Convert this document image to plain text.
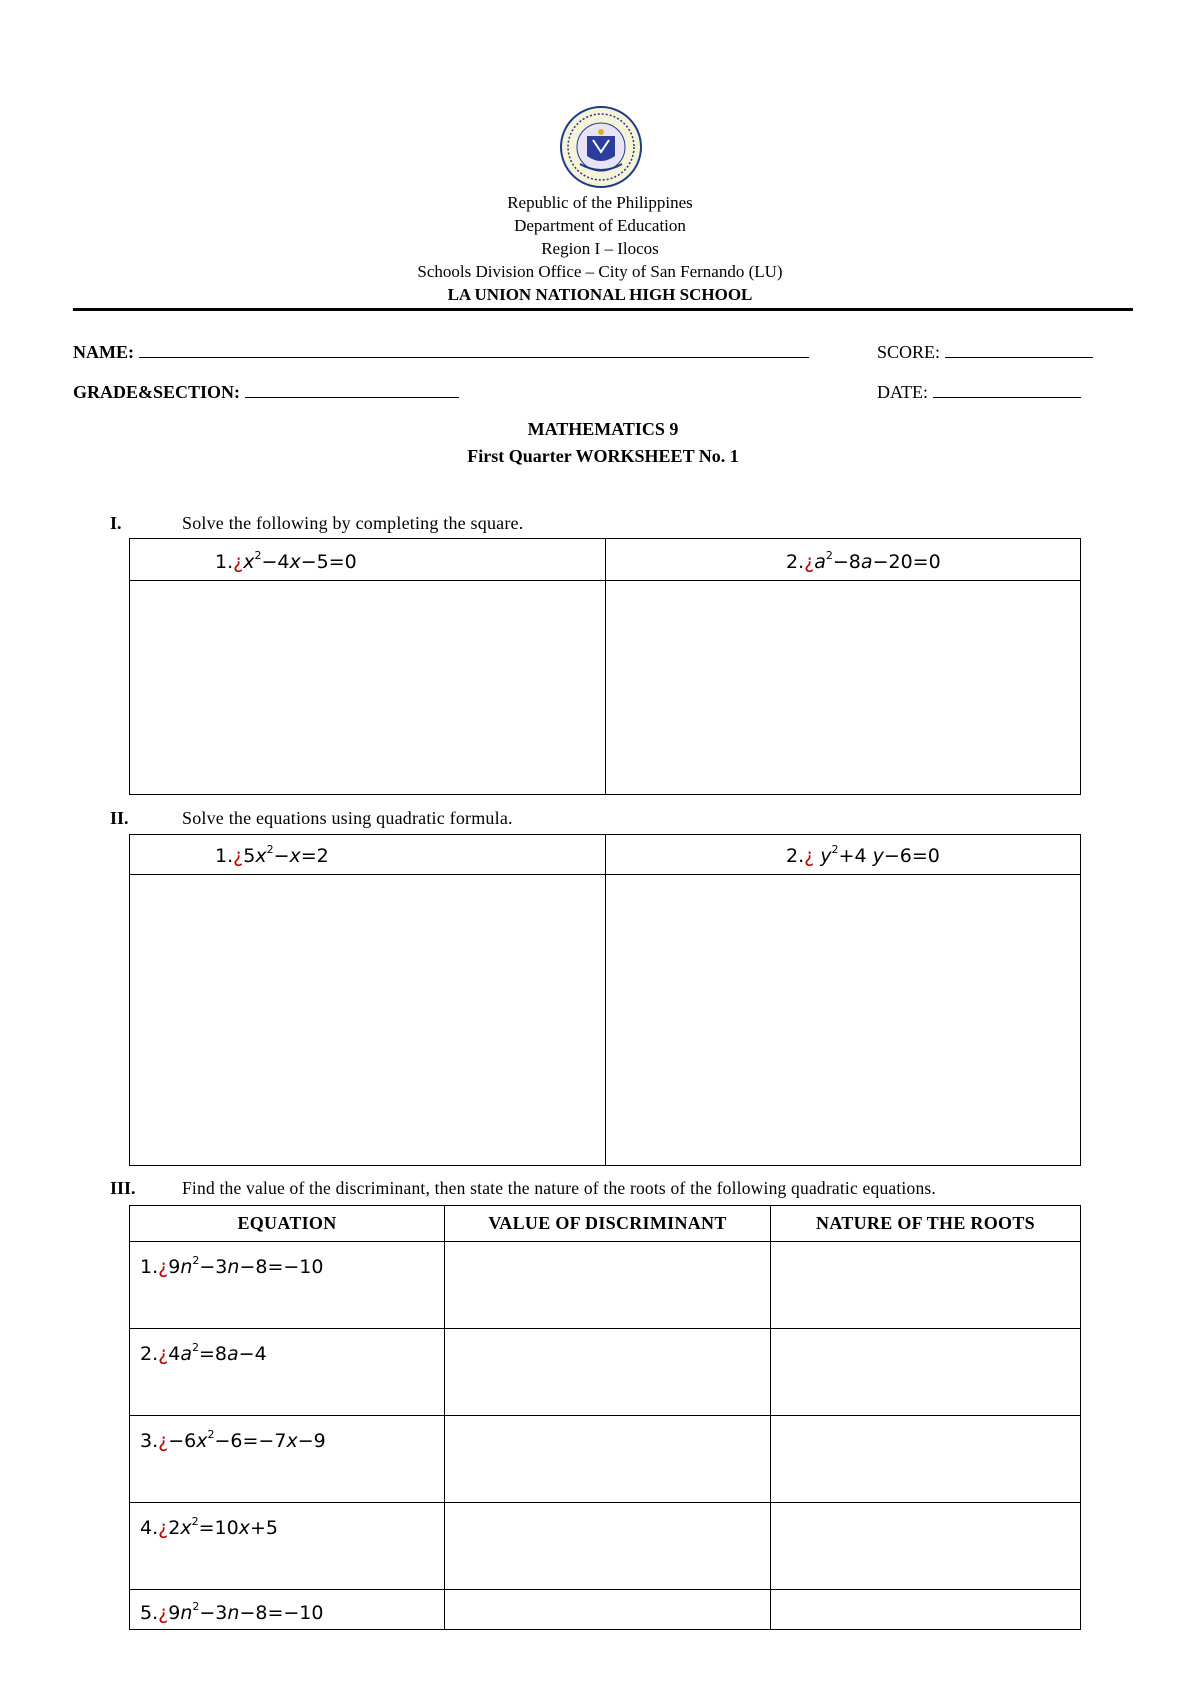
Republic of the Philippines
Department of Education
Region I – Ilocos
Schools Division Office – City of San Fernando (LU)
LA UNION NATIONAL HIGH SCHOOL
NAME:	SCORE:
GRADE&SECTION:	DATE:
MATHEMATICS 9
First Quarter WORKSHEET No. 1
I.	Solve the following by completing the square.
$1.¿x^2-4x-5=0$	$2.¿a^2-8a-20=0$

II.	Solve the equations using quadratic formula.
$1.¿5x^2-x=2$	2.¿ $y^2+4$ y−6=0

III.	Find the value of the discriminant, then state the nature of the roots of the following quadratic equations.
EQUATION	VALUE OF DISCRIMINANT	NATURE OF THE ROOTS

$1.¿9n^2-3n-8=-10$		

$2.¿4a^2=8a-4$		

$3.¿-6x^2-6=-7x-9$		

$4.¿2x^2=10x+5$		

$5.¿9n^2-3n-8=-10$		
